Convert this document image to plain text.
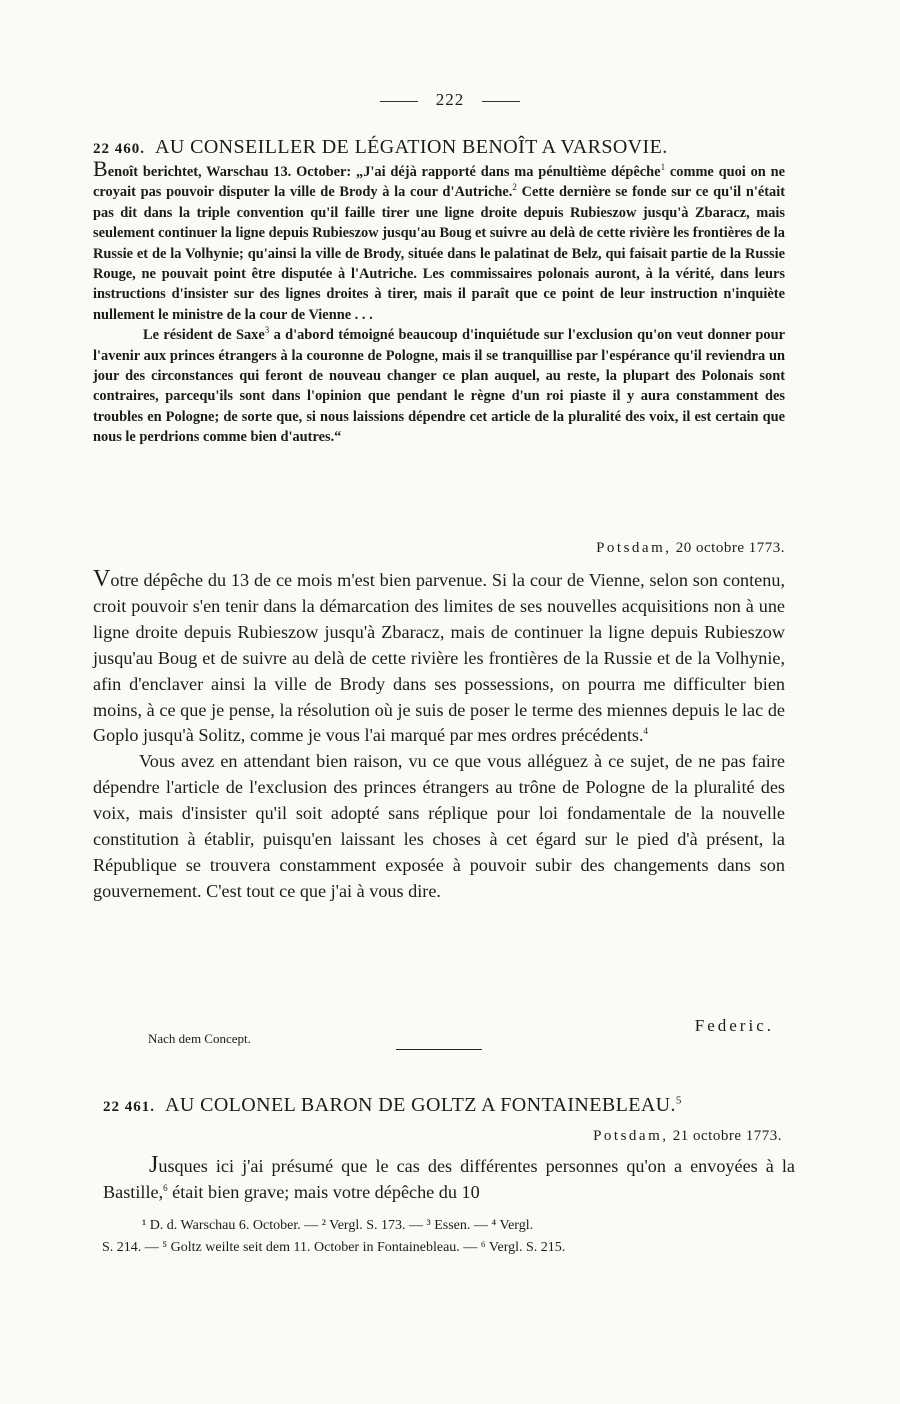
222
22 460. AU CONSEILLER DE LÉGATION BENOÎT A VARSOVIE.

Benoît berichtet, Warschau 13. October: „J'ai déjà rapporté dans ma pénultième dépêche$^1$ comme quoi on ne croyait pas pouvoir disputer la ville de Brody à la cour d'Autriche.$^2$ Cette dernière se fonde sur ce qu'il n'était pas dit dans la triple convention qu'il faille tirer une ligne droite depuis Rubieszow jusqu'à Zbaracz, mais seulement continuer la ligne depuis Rubieszow jusqu'au Boug et suivre au delà de cette rivière les frontières de la Russie et de la Volhynie; qu'ainsi la ville de Brody, située dans le palatinat de Belz, qui faisait partie de la Russie Rouge, ne pouvait point être disputée à l'Autriche. Les commissaires polonais auront, à la vérité, dans leurs instructions d'insister sur des lignes droites à tirer, mais il paraît que ce point de leur instruction n'inquiète nullement le ministre de la cour de Vienne . . .

Le résident de Saxe$^3$ a d'abord témoigné beaucoup d'inquiétude sur l'exclusion qu'on veut donner pour l'avenir aux princes étrangers à la couronne de Pologne, mais il se tranquillise par l'espérance qu'il reviendra un jour des circonstances qui feront de nouveau changer ce plan auquel, au reste, la plupart des Polonais sont contraires, parcequ'ils sont dans l'opinion que pendant le règne d'un roi piaste il y aura constamment des troubles en Pologne; de sorte que, si nous laissions dépendre cet article de la pluralité des voix, il est certain que nous le perdrions comme bien d'autres.“

Potsdam, 20 octobre 1773.

Votre dépêche du 13 de ce mois m'est bien parvenue. Si la cour de Vienne, selon son contenu, croit pouvoir s'en tenir dans la démarcation des limites de ses nouvelles acquisitions non à une ligne droite depuis Rubieszow jusqu'à Zbaracz, mais de continuer la ligne depuis Rubieszow jusqu'au Boug et de suivre au delà de cette rivière les frontières de la Russie et de la Volhynie, afin d'enclaver ainsi la ville de Brody dans ses possessions, on pourra me difficulter bien moins, à ce que je pense, la résolution où je suis de poser le terme des miennes depuis le lac de Goplo jusqu'à Solitz, comme je vous l'ai marqué par mes ordres précédents.$^4$

Vous avez en attendant bien raison, vu ce que vous alléguez à ce sujet, de ne pas faire dépendre l'article de l'exclusion des princes étrangers au trône de Pologne de la pluralité des voix, mais d'insister qu'il soit adopté sans réplique pour loi fondamentale de la nouvelle constitution à établir, puisqu'en laissant les choses à cet égard sur le pied d'à présent, la République se trouvera constamment exposée à pouvoir subir des changements dans son gouvernement. C'est tout ce que j'ai à vous dire.

Federic.
Nach dem Concept.
22 461. AU COLONEL BARON DE GOLTZ A FONTAINEBLEAU.$^5$
Potsdam, 21 octobre 1773.

Jusques ici j'ai présumé que le cas des différentes personnes qu'on a envoyées à la Bastille,$^6$ était bien grave; mais votre dépêche du 10

¹ D. d. Warschau 6. October. — ² Vergl. S. 173. — ³ Essen. — ⁴ Vergl.

S. 214. — ⁵ Goltz weilte seit dem 11. October in Fontainebleau. — ⁶ Vergl. S. 215.
